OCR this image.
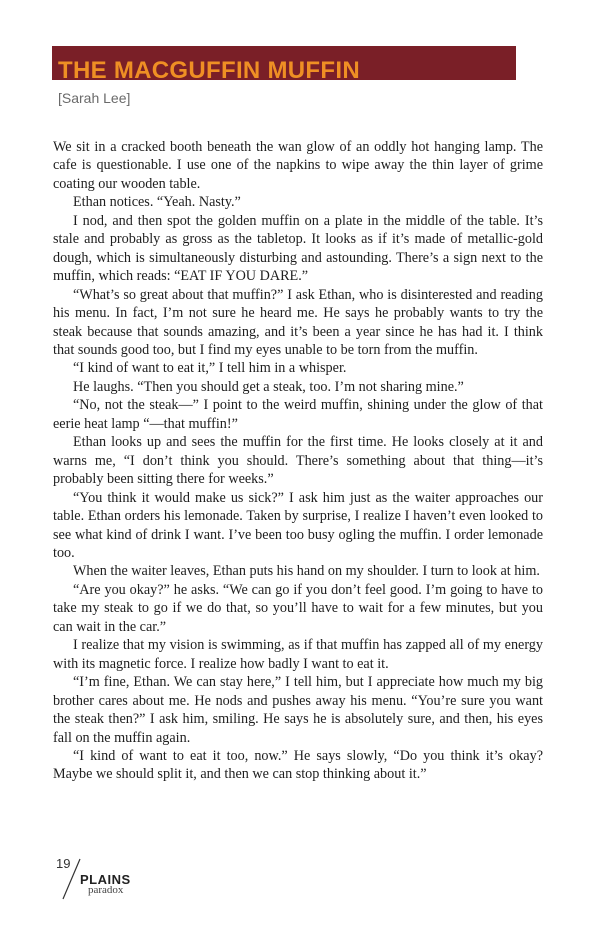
THE MACGUFFIN MUFFIN
[Sarah Lee]

We sit in a cracked booth beneath the wan glow of an oddly hot hanging lamp. The cafe is questionable. I use one of the napkins to wipe away the thin layer of grime coating our wooden table.

Ethan notices. “Yeah. Nasty.”

I nod, and then spot the golden muffin on a plate in the middle of the table. It’s stale and probably as gross as the tabletop. It looks as if it’s made of metallic-gold dough, which is simultaneously disturbing and astounding. There’s a sign next to the muffin, which reads: “EAT IF YOU DARE.”

“What’s so great about that muffin?” I ask Ethan, who is disinterested and reading his menu. In fact, I’m not sure he heard me. He says he probably wants to try the steak because that sounds amazing, and it’s been a year since he has had it. I think that sounds good too, but I find my eyes unable to be torn from the muffin.

“I kind of want to eat it,” I tell him in a whisper.

He laughs. “Then you should get a steak, too. I’m not sharing mine.”

“No, not the steak—” I point to the weird muffin, shining under the glow of that eerie heat lamp “—that muffin!”

Ethan looks up and sees the muffin for the first time. He looks closely at it and warns me, “I don’t think you should. There’s something about that thing—it’s probably been sitting there for weeks.”

“You think it would make us sick?” I ask him just as the waiter approaches our table. Ethan orders his lemonade. Taken by surprise, I realize I haven’t even looked to see what kind of drink I want. I’ve been too busy ogling the muffin. I order lemonade too.

When the waiter leaves, Ethan puts his hand on my shoulder. I turn to look at him.

“Are you okay?” he asks. “We can go if you don’t feel good. I’m going to have to take my steak to go if we do that, so you’ll have to wait for a few minutes, but you can wait in the car.”

I realize that my vision is swimming, as if that muffin has zapped all of my energy with its magnetic force. I realize how badly I want to eat it.

“I’m fine, Ethan. We can stay here,” I tell him, but I appreciate how much my big brother cares about me. He nods and pushes away his menu. “You’re sure you want the steak then?” I ask him, smiling. He says he is absolutely sure, and then, his eyes fall on the muffin again.

“I kind of want to eat it too, now.” He says slowly, “Do you think it’s okay? Maybe we should split it, and then we can stop thinking about it.”

19
PLAINS
paradox
